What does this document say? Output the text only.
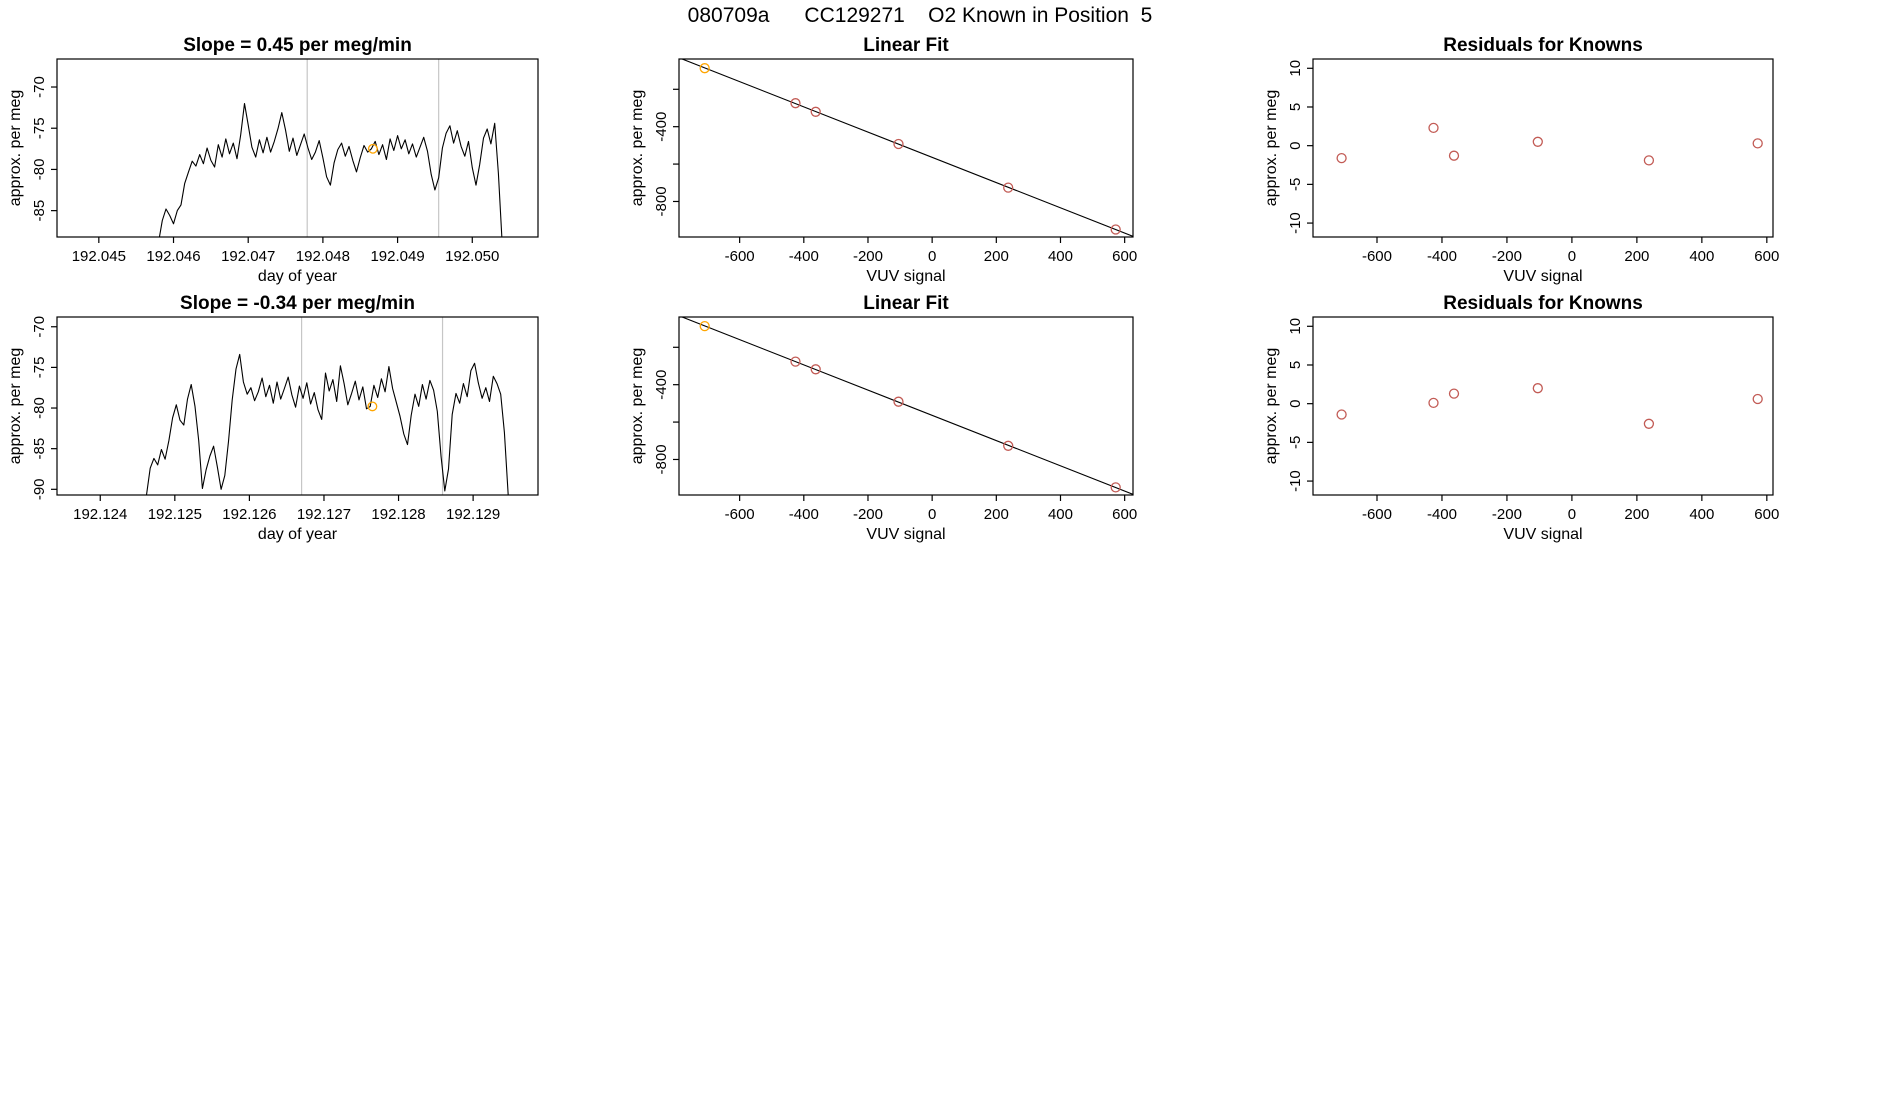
080709a      CC129271    O2 Known in Position  5
192.045 192.046 192.047 192.048 192.049 192.050
day of year
-85
-80
-75
-70
approx. per meg
Slope = 0.45 per meg/min
-600 -400 -200	0	200	400	600
VUV signal
-400
-800
approx. per meg
Linear Fit
-600 -400 -200	0	200	400	600
VUV signal
-10
-5
0
5
10
approx. per meg
Residuals for Knowns
192.124 192.125 192.126 192.127 192.128 192.129
day of year
-90
-85
-80
-75
-70
approx. per meg
Slope = -0.34 per meg/min
-600 -400 -200	0	200	400	600
VUV signal
-400
-800
approx. per meg
Linear Fit
-600 -400 -200	0	200	400	600
VUV signal
-10
-5
0
5
10
approx. per meg
Residuals for Knowns
